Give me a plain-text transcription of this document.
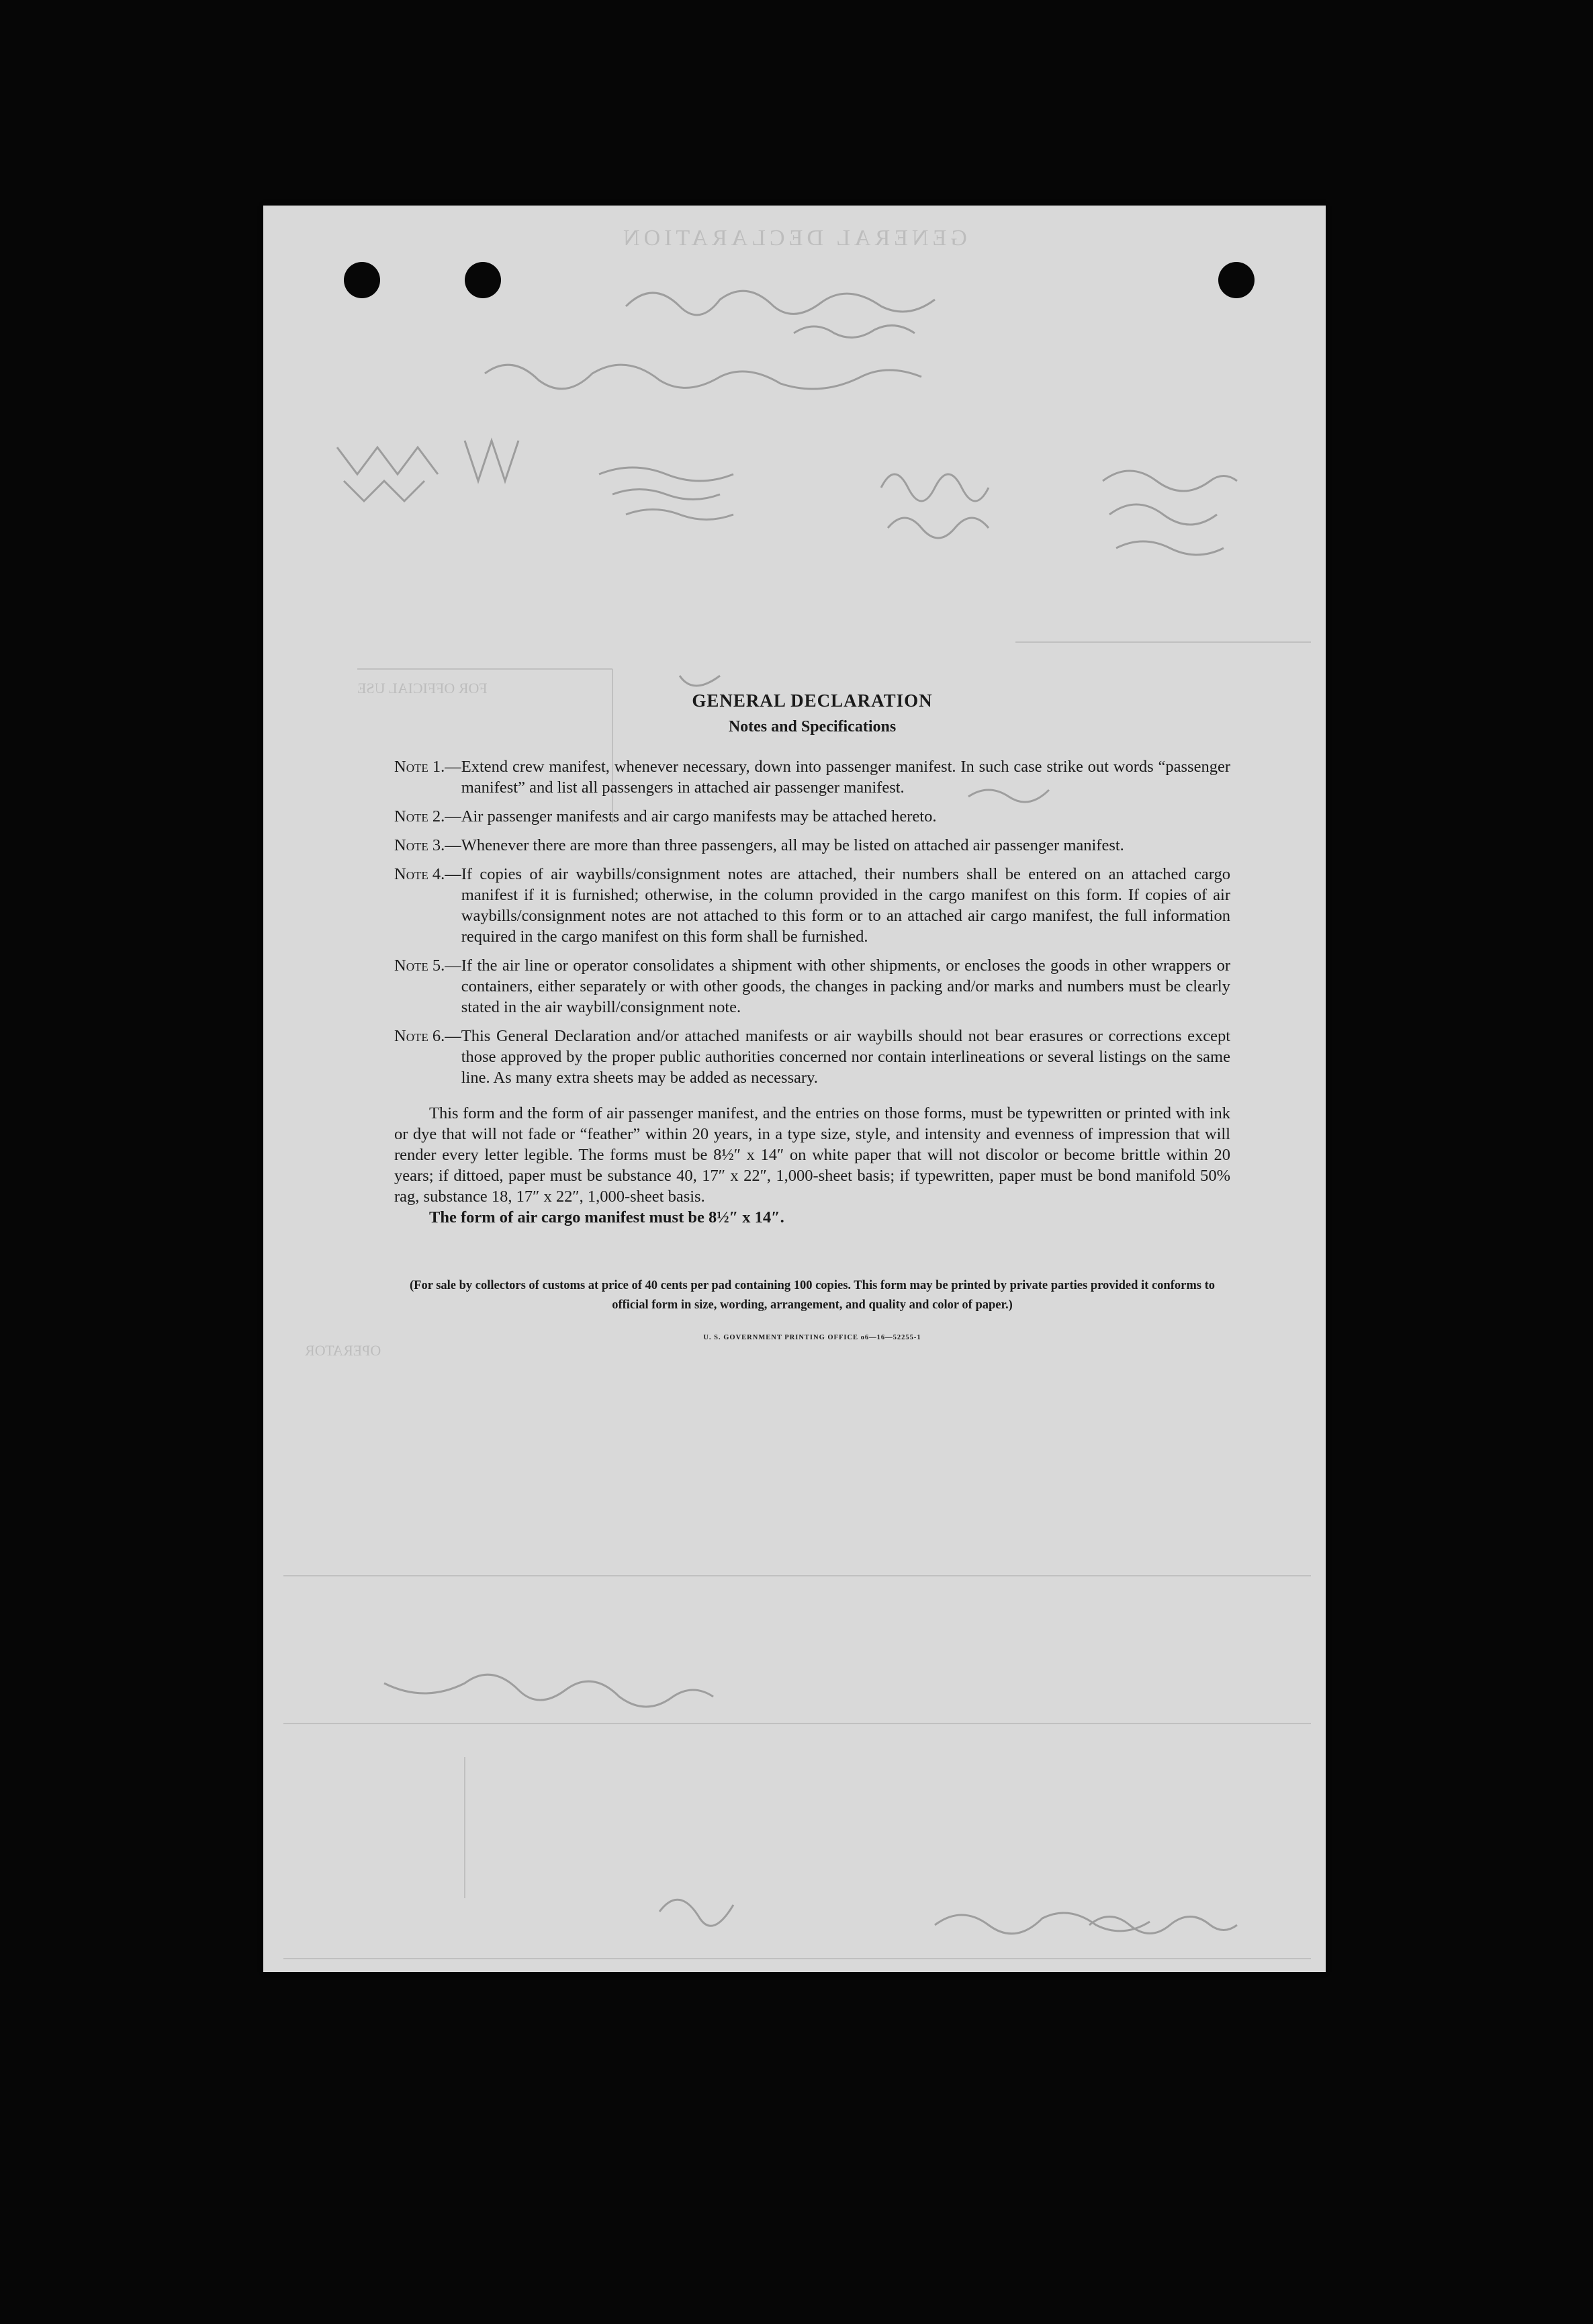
GENERAL DECLARATION
FOR OFFICIAL USE
OPERATOR
GENERAL DECLARATION
Notes and Specifications
Note 1.— Extend crew manifest, whenever necessary, down into passenger manifest. In such case strike out words “passenger manifest” and list all passengers in attached air passenger manifest.
Note 2.— Air passenger manifests and air cargo manifests may be attached hereto.
Note 3.— Whenever there are more than three passengers, all may be listed on attached air passenger manifest.
Note 4.— If copies of air waybills/consignment notes are attached, their numbers shall be entered on an attached cargo manifest if it is furnished; otherwise, in the column provided in the cargo manifest on this form. If copies of air waybills/consignment notes are not attached to this form or to an attached air cargo manifest, the full information required in the cargo manifest on this form shall be furnished.
Note 5.— If the air line or operator consolidates a shipment with other shipments, or encloses the goods in other wrappers or containers, either separately or with other goods, the changes in packing and/or marks and numbers must be clearly stated in the air waybill/consignment note.
Note 6.— This General Declaration and/or attached manifests or air waybills should not bear erasures or corrections except those approved by the proper public authorities concerned nor contain interlineations or several listings on the same line. As many extra sheets may be added as necessary.
This form and the form of air passenger manifest, and the entries on those forms, must be typewritten or printed with ink or dye that will not fade or “feather” within 20 years, in a type size, style, and intensity and evenness of impression that will render every letter legible. The forms must be 8½″ x 14″ on white paper that will not discolor or become brittle within 20 years; if dittoed, paper must be substance 40, 17″ x 22″, 1,000-sheet basis; if typewritten, paper must be bond manifold 50% rag, substance 18, 17″ x 22″, 1,000-sheet basis.
The form of air cargo manifest must be 8½″ x 14″.
(For sale by collectors of customs at price of 40 cents per pad containing 100 copies. This form may be printed by private parties provided it conforms to official form in size, wording, arrangement, and quality and color of paper.)
U. S. GOVERNMENT PRINTING OFFICE o6—16—52255-1
